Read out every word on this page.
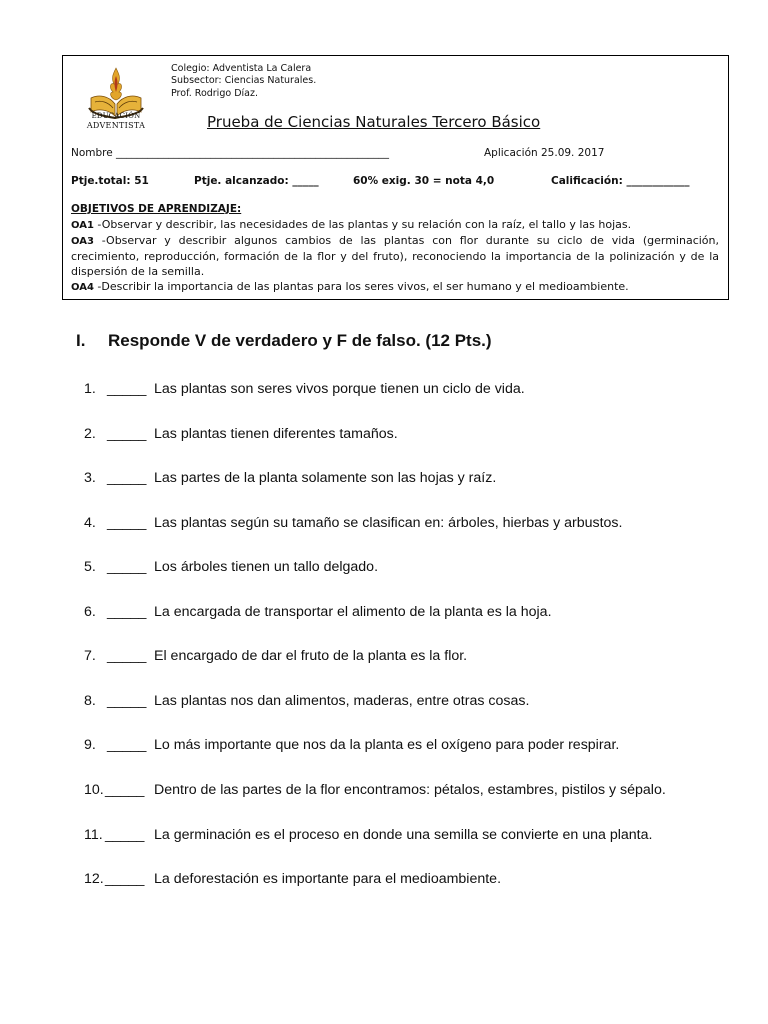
EDUCACIÓN
ADVENTISTA
Colegio: Adventista La Calera
Subsector: Ciencias Naturales.
Prof. Rodrigo Díaz.
Prueba de Ciencias Naturales Tercero Básico
Nombre ____________________________________________________	Aplicación 25.09. 2017
Ptje.total: 51	Ptje. alcanzado: _____	60% exig. 30 = nota 4,0	Calificación: ____________
OBJETIVOS DE APRENDIZAJE:
OA1 -Observar y describir, las necesidades de las plantas y su relación con la raíz, el tallo y las hojas.
OA3 -Observar y describir algunos cambios de las plantas con flor durante su ciclo de vida (germinación, crecimiento, reproducción, formación de la flor y del fruto), reconociendo la importancia de la polinización y de la dispersión de la semilla.
OA4 -Describir la importancia de las plantas para los seres vivos, el ser humano y el medioambiente.
I. Responde V de verdadero y F de falso. (12 Pts.)
1. _____ Las plantas son seres vivos porque tienen un ciclo de vida.
2. _____ Las plantas tienen diferentes tamaños.
3. _____ Las partes de la planta solamente son las hojas y raíz.
4. _____ Las plantas según su tamaño se clasifican en: árboles, hierbas y arbustos.
5. _____ Los árboles tienen un tallo delgado.
6. _____ La encargada de transportar el alimento de la planta es la hoja.
7. _____ El encargado de dar el fruto de la planta es la flor.
8. _____ Las plantas nos dan alimentos, maderas, entre otras cosas.
9. _____ Lo más importante que nos da la planta es el oxígeno para poder respirar.
10. _____ Dentro de las partes de la flor encontramos: pétalos, estambres, pistilos y sépalo.
11. _____ La germinación es el proceso en donde una semilla se convierte en una planta.
12. _____ La deforestación es importante para el medioambiente.
